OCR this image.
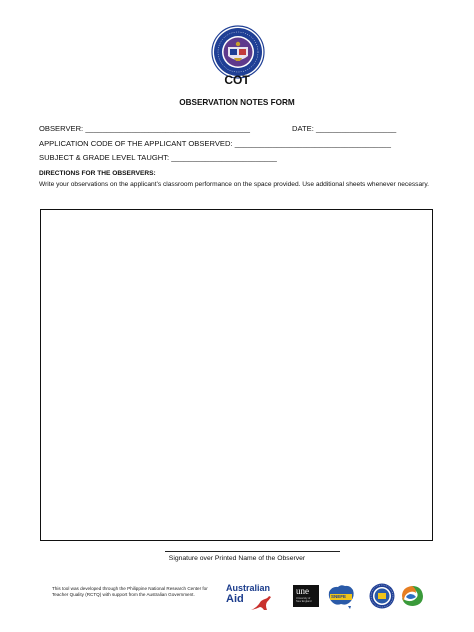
COT
OBSERVATION NOTES FORM
OBSERVER: _______________________________________	DATE: ___________________
APPLICATION CODE OF THE APPLICANT OBSERVED: _____________________________________
SUBJECT & GRADE LEVEL TAUGHT: _________________________
DIRECTIONS FOR THE OBSERVERS:
Write your observations on the applicant’s classroom performance on the space provided. Use additional sheets whenever necessary.
Signature over Printed Name of the Observer
This tool was developed through the Philippine National Research Center for Teacher Quality (RCTQ) with support from the Australian Government.
Australian
Aid
une
University of New England
SNEFE
